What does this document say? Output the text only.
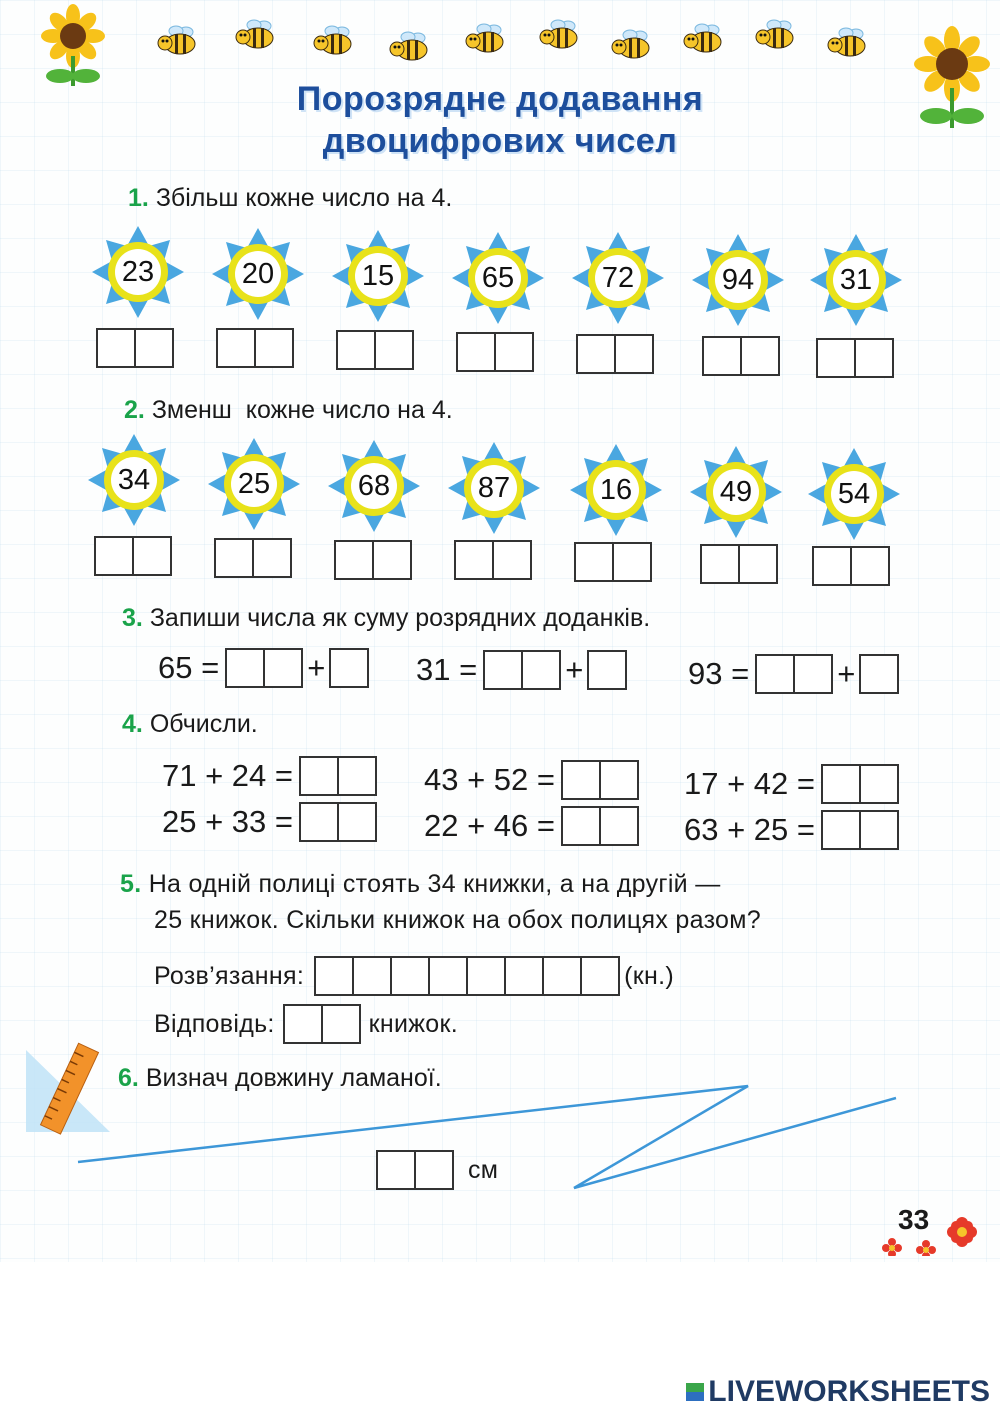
Порозрядне додавання
двоцифрових чисел
1. Збільш кожне число на 4.
23	20	15	65	72	94	31
2. Зменш  кожне число на 4.
34	25	68	87	16	49	54
3. Запиши числа як суму розрядних доданків.
65 =	+	31 =	+	93 =	+
4. Обчисли.
71 + 24 =	43 + 52 =	17 + 42 =
25 + 33 =	22 + 46 =	63 + 25 =
5. На одній полиці стоять 34 книжки, а на другій —
25 книжок. Скільки книжок на обох полицях разом?
Розв’язання:	(кн.)
Відповідь:	книжок.
6. Визнач довжину ламаної.
см
33
LIVEWORKSHEETS
